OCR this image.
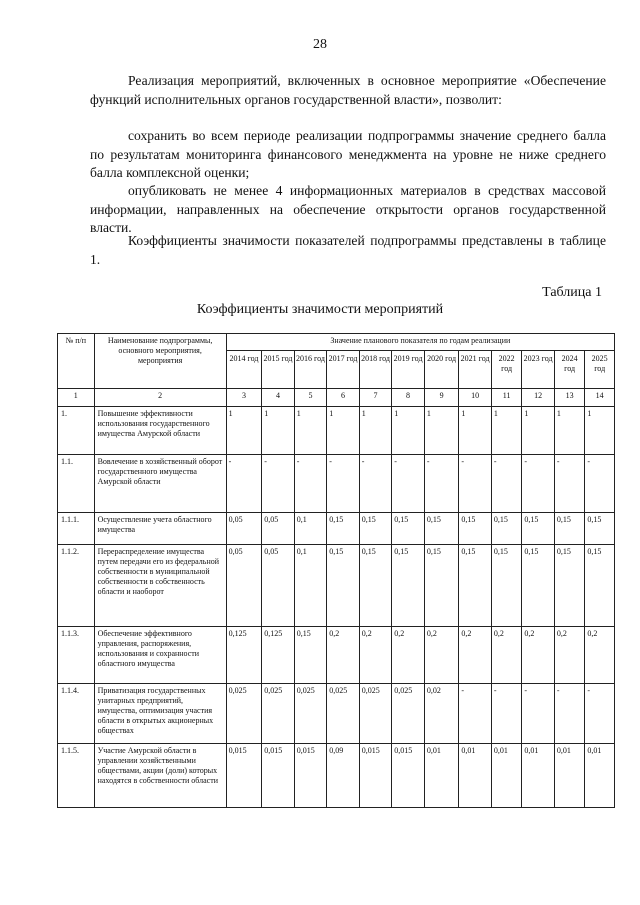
28

Реализация мероприятий, включенных в основное мероприятие «Обеспечение функций исполнительных органов государственной власти», позволит:

сохранить во всем периоде реализации подпрограммы значение среднего балла по результатам мониторинга финансового менеджмента на уровне не ниже среднего балла комплексной оценки;

опубликовать не менее 4 информационных материалов в средствах массовой информации, направленных на обеспечение открытости органов государственной власти.

Коэффициенты значимости показателей подпрограммы представлены в таблице 1.

Таблица 1
Коэффициенты значимости мероприятий
№ п/п	Наименование подпрограммы, основного мероприятия, мероприятия	Значение планового показателя по годам реализации											
		2014 год	2015 год	2016 год	2017 год	2018 год	2019 год	2020 год	2021 год	2022 год	2023 год	2024 год	2025 год
1	2	3	4	5	6	7	8	9	10	11	12	13	14
1.	Повышение эффективности использования государственного имущества Амурской области	1	1	1	1	1	1	1	1	1	1	1	1
1.1.	Вовлечение в хозяйственный оборот государственного имущества Амурской области	-	-	-	-	-	-	-	-	-	-	-	-
1.1.1.	Осуществление учета областного имущества	0,05	0,05	0,1	0,15	0,15	0,15	0,15	0,15	0,15	0,15	0,15	0,15
1.1.2.	Перераспределение имущества путем передачи его из федеральной собственности в муниципальной собственности в собственность области и наоборот	0,05	0,05	0,1	0,15	0,15	0,15	0,15	0,15	0,15	0,15	0,15	0,15
1.1.3.	Обеспечение эффективного управления, распоряжения, использования и сохранности областного имущества	0,125	0,125	0,15	0,2	0,2	0,2	0,2	0,2	0,2	0,2	0,2	0,2
1.1.4.	Приватизация государственных унитарных предприятий, имущества, оптимизация участия области в открытых акционерных обществах	0,025	0,025	0,025	0,025	0,025	0,025	0,02	-	-	-	-	-
1.1.5.	Участие Амурской области в управлении хозяйственными обществами, акции (доли) которых находятся в собственности области	0,015	0,015	0,015	0,09	0,015	0,015	0,01	0,01	0,01	0,01	0,01	0,01
